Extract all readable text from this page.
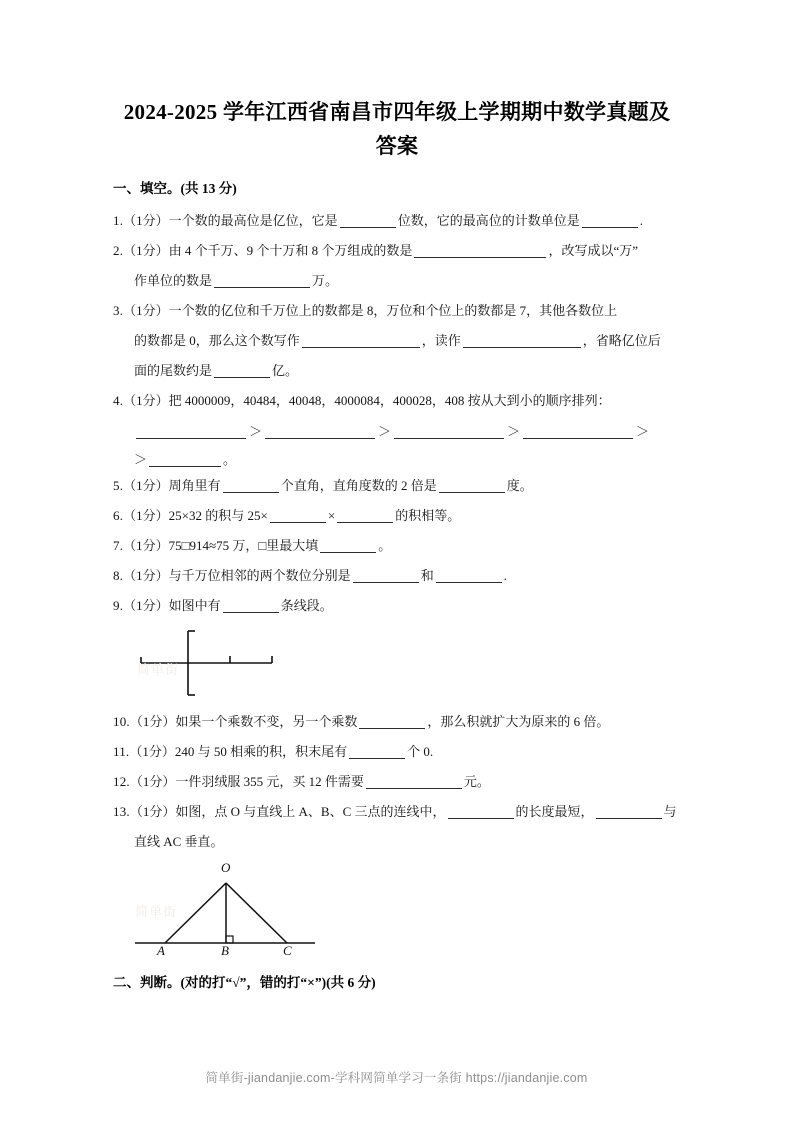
2024-2025 学年江西省南昌市四年级上学期期中数学真题及答案
一、填空。(共 13 分)
1.（1分）一个数的最高位是亿位，它是	位数，它的最高位的计数单位是	.
2.（1分）由 4 个千万、9 个十万和 8 个万组成的数是	，改写成以“万”
作单位的数是	万。
3.（1分）一个数的亿位和千万位上的数都是 8，万位和个位上的数都是 7，其他各数位上
的数都是 0，那么这个数写作	，读作	，省略亿位后
面的尾数约是	亿。
4.（1分）把 4000009，40484，40048，4000084，400028，408 按从大到小的顺序排列：
＞	＞	＞	＞
＞	。
5.（1分）周角里有	个直角，直角度数的 2 倍是	度。
6.（1分）25×32 的积与 25×	×	的积相等。
7.（1分）75□914≈75 万，□里最大填	。
8.（1分）与千万位相邻的两个数位分别是	和	.
9.（1分）如图中有	条线段。
简单街
10.（1分）如果一个乘数不变，另一个乘数	，那么积就扩大为原来的 6 倍。
11.（1分）240 与 50 相乘的积，积末尾有	个 0.
12.（1分）一件羽绒服 355 元，买 12 件需要	元。
13.（1分）如图，点 O 与直线上 A、B、C 三点的连线中，	的长度最短，	与
直线 AC 垂直。
简单街
O
A	B	C
二、判断。(对的打“√”，错的打“×”)(共 6 分)
简单街-jiandanjie.com-学科网简单学习一条街 https://jiandanjie.com
